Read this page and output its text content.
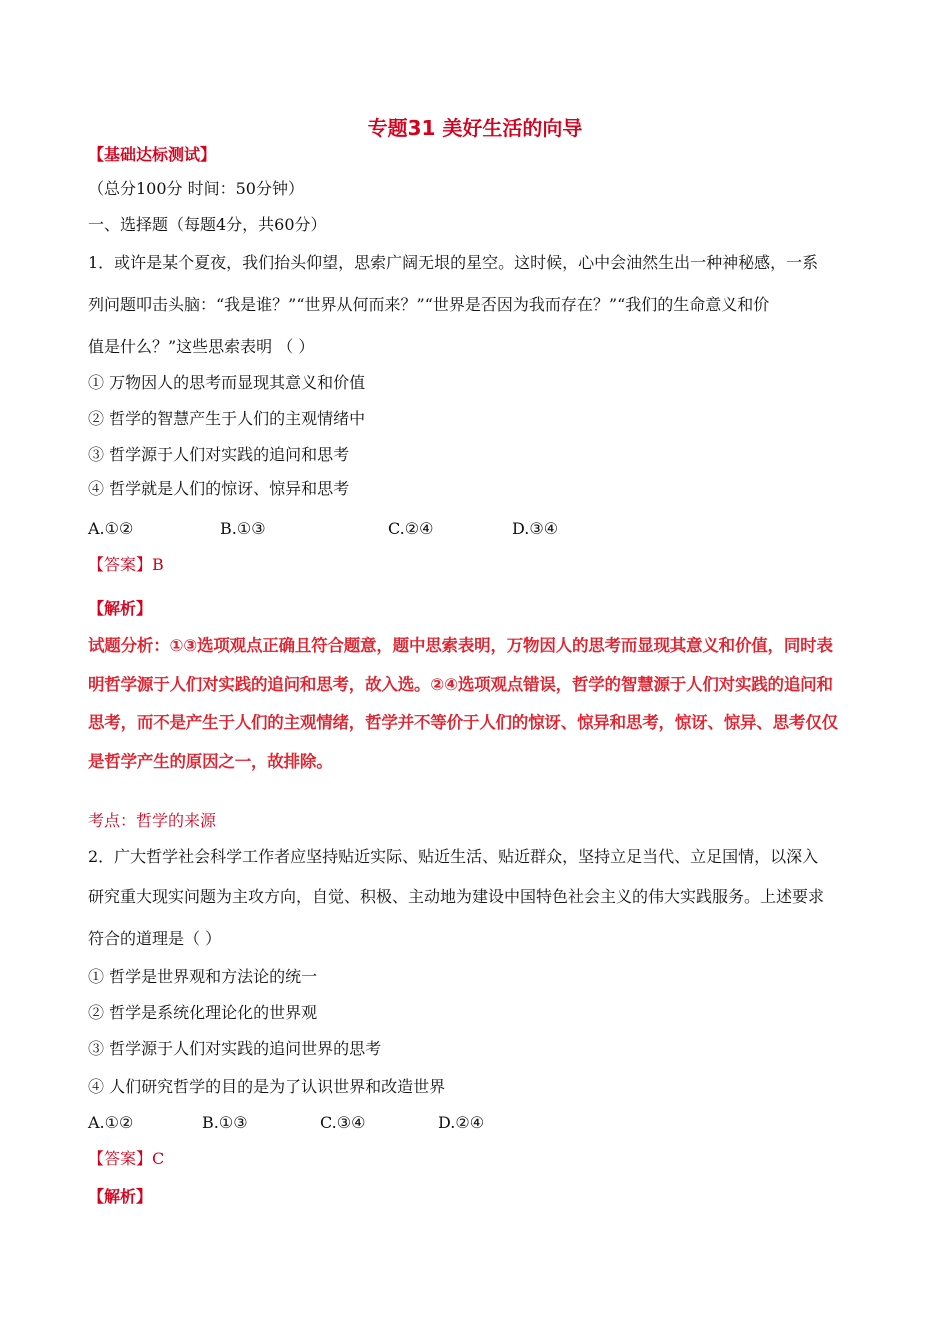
专题31 美好生活的向导
【基础达标测试】
（总分100分 时间：50分钟）
一、选择题（每题4分，共60分）
1．或许是某个夏夜，我们抬头仰望，思索广阔无垠的星空。这时候，心中会油然生出一种神秘感，一系
列问题叩击头脑：“我是谁？”“世界从何而来？”“世界是否因为我而存在？”“我们的生命意义和价
值是什么？”这些思索表明 （ ）
① 万物因人的思考而显现其意义和价值
② 哲学的智慧产生于人们的主观情绪中
③ 哲学源于人们对实践的追问和思考
④ 哲学就是人们的惊讶、惊异和思考
A.①②	B.①③	C.②④	D.③④
【答案】B
【解析】
试题分析：①③选项观点正确且符合题意，题中思索表明，万物因人的思考而显现其意义和价值，同时表
明哲学源于人们对实践的追问和思考，故入选。②④选项观点错误，哲学的智慧源于人们对实践的追问和
思考，而不是产生于人们的主观情绪，哲学并不等价于人们的惊讶、惊异和思考，惊讶、惊异、思考仅仅
是哲学产生的原因之一，故排除。
考点：哲学的来源
2．广大哲学社会科学工作者应坚持贴近实际、贴近生活、贴近群众，坚持立足当代、立足国情，以深入
研究重大现实问题为主攻方向，自觉、积极、主动地为建设中国特色社会主义的伟大实践服务。上述要求
符合的道理是（ ）
① 哲学是世界观和方法论的统一
② 哲学是系统化理论化的世界观
③ 哲学源于人们对实践的追问世界的思考
④ 人们研究哲学的目的是为了认识世界和改造世界
A.①②	B.①③	C.③④	D.②④
【答案】C
【解析】
